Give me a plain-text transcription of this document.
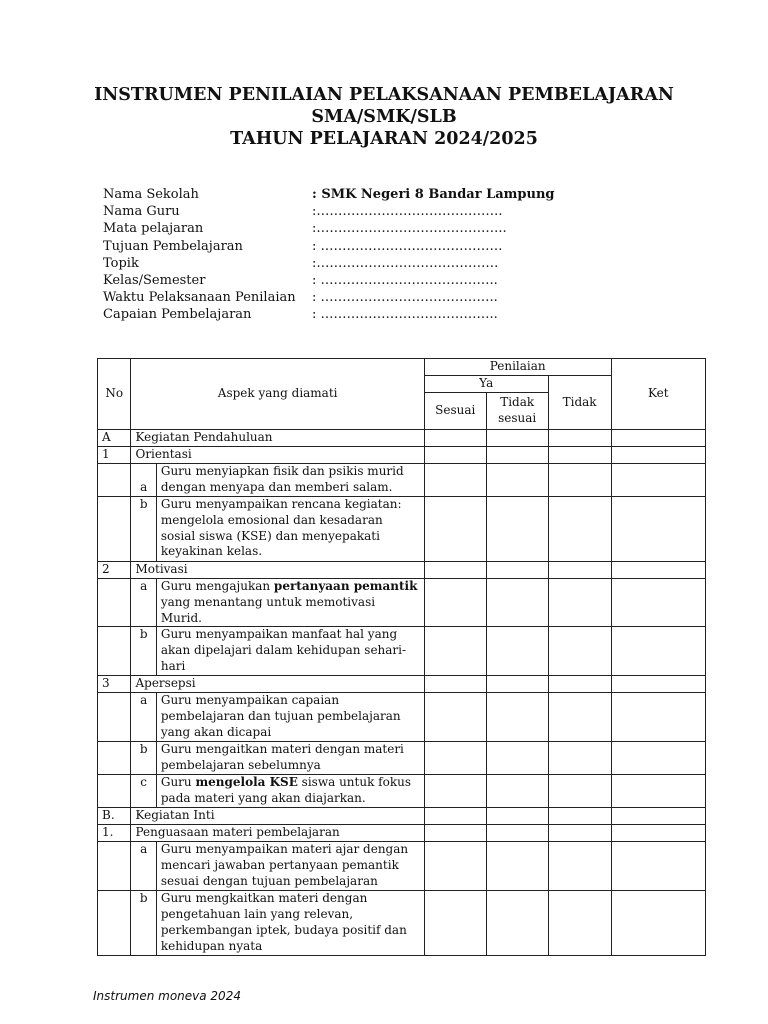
INSTRUMEN PENILAIAN PELAKSANAAN PEMBELAJARAN
SMA/SMK/SLB
TAHUN PELAJARAN 2024/2025
Nama Sekolah	: SMK Negeri 8 Bandar Lampung
Nama Guru	:…………………………………….
Mata pelajaran	:……………………………………..
Tujuan Pembelajaran	: ……………………………………
Topik	:……………………………………
Kelas/Semester	: …………………………………..
Waktu Pelaksanaan Penilaian	: …………………………………..
Capaian Pembelajaran	: …………………………………..
No	Aspek yang diamati		Penilaian			Ket
			Ya		Tidak	
			Sesuai	Tidak sesuai		
A	Kegiatan Pendahuluan					
1	Orientasi					
	a	Guru menyiapkan fisik dan psikis murid dengan menyapa dan memberi salam.				
	b	Guru menyampaikan rencana kegiatan: mengelola emosional dan kesadaran sosial siswa (KSE) dan menyepakati keyakinan kelas.				
2	Motivasi					
	a	Guru mengajukan pertanyaan pemantik yang menantang untuk memotivasi Murid.				
	b	Guru menyampaikan manfaat hal yang akan dipelajari dalam kehidupan sehari-hari				
3	Apersepsi					
	a	Guru menyampaikan capaian pembelajaran dan tujuan pembelajaran yang akan dicapai				
	b	Guru mengaitkan materi dengan materi pembelajaran sebelumnya				
	c	Guru mengelola KSE siswa untuk fokus pada materi yang akan diajarkan.				
B.	Kegiatan Inti					
1.	Penguasaan materi pembelajaran					
	a	Guru menyampaikan materi ajar dengan mencari jawaban pertanyaan pemantik sesuai dengan tujuan pembelajaran				
	b	Guru mengkaitkan materi dengan pengetahuan lain yang relevan, perkembangan iptek, budaya positif dan kehidupan nyata				
Instrumen moneva 2024
